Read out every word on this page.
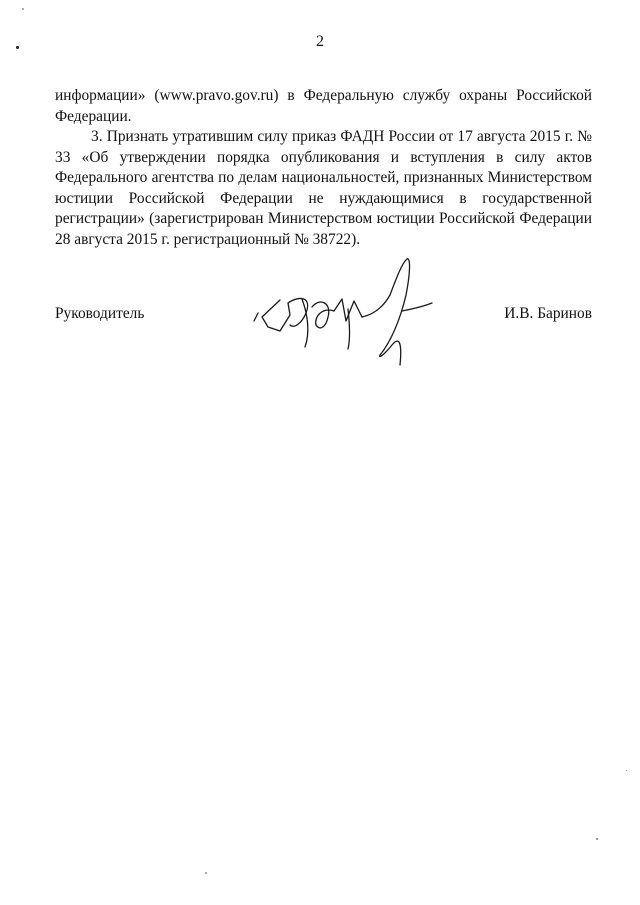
2

информации» (www.pravo.gov.ru) в Федеральную службу охраны Российской Федерации.

3. Признать утратившим силу приказ ФАДН России от 17 августа 2015 г. № 33 «Об утверждении порядка опубликования и вступления в силу актов Федерального агентства по делам национальностей, признанных Министерством юстиции Российской Федерации не нуждающимися в государственной регистрации» (зарегистрирован Министерством юстиции Российской Федерации 28 августа 2015 г. регистрационный № 38722).

Руководитель	И.В. Баринов
